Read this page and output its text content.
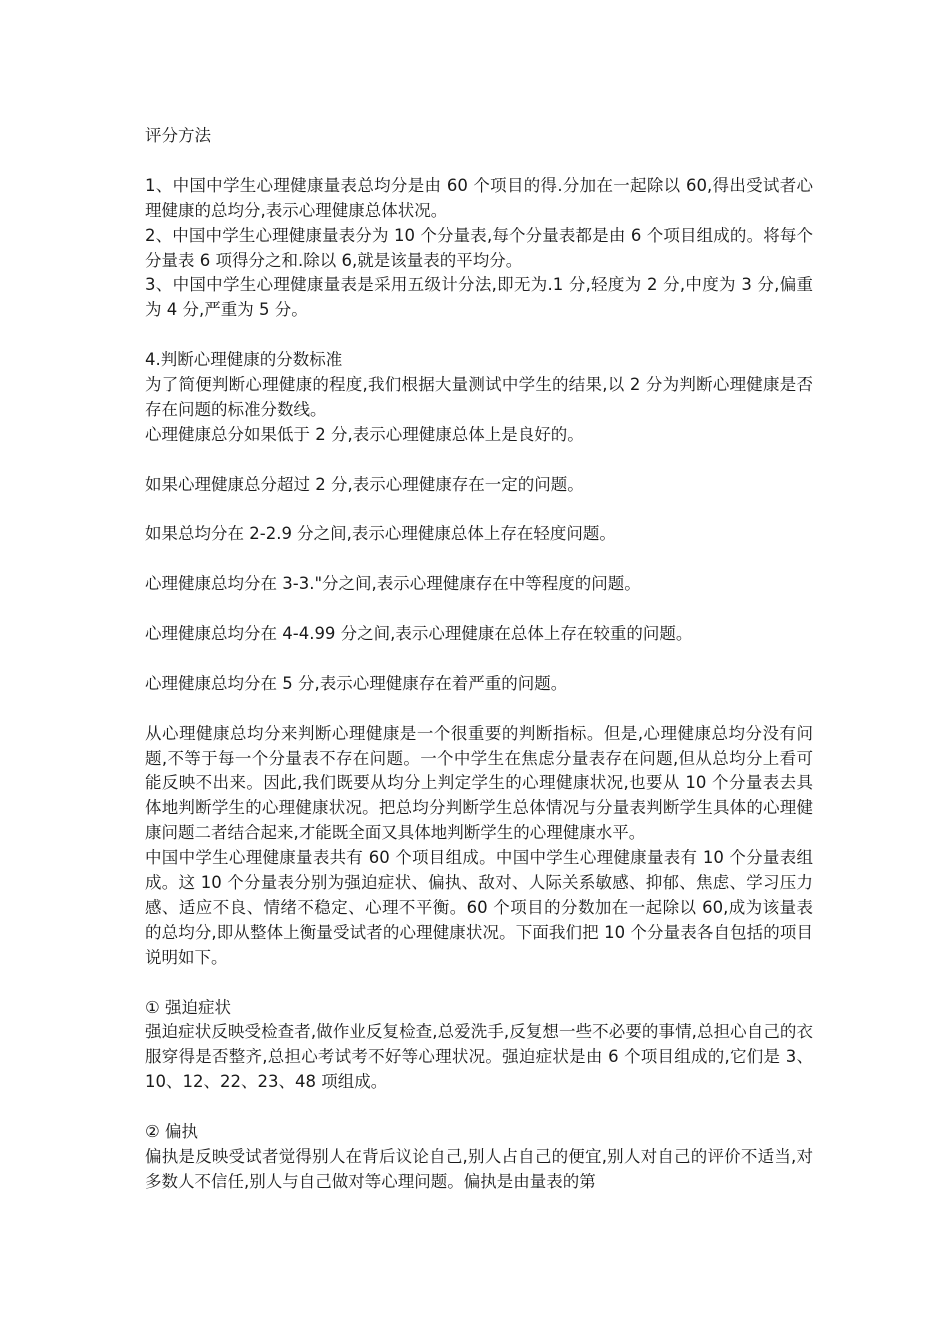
评分方法

1、中国中学生心理健康量表总均分是由 60 个项目的得.分加在一起除以 60,得出受试者心理健康的总均分,表示心理健康总体状况。

2、中国中学生心理健康量表分为 10 个分量表,每个分量表都是由 6 个项目组成的。将每个分量表 6 项得分之和.除以 6,就是该量表的平均分。

3、中国中学生心理健康量表是采用五级计分法,即无为.1 分,轻度为 2 分,中度为 3 分,偏重为 4 分,严重为 5 分。

4.判断心理健康的分数标准

为了简便判断心理健康的程度,我们根据大量测试中学生的结果,以 2 分为判断心理健康是否存在问题的标准分数线。

心理健康总分如果低于 2 分,表示心理健康总体上是良好的。

如果心理健康总分超过 2 分,表示心理健康存在一定的问题。

如果总均分在 2-2.9 分之间,表示心理健康总体上存在轻度问题。

心理健康总均分在 3-3."分之间,表示心理健康存在中等程度的问题。

心理健康总均分在 4-4.99 分之间,表示心理健康在总体上存在较重的问题。

心理健康总均分在 5 分,表示心理健康存在着严重的问题。

从心理健康总均分来判断心理健康是一个很重要的判断指标。但是,心理健康总均分没有问题,不等于每一个分量表不存在问题。一个中学生在焦虑分量表存在问题,但从总均分上看可能反映不出来。因此,我们既要从均分上判定学生的心理健康状况,也要从 10 个分量表去具体地判断学生的心理健康状况。把总均分判断学生总体情况与分量表判断学生具体的心理健康问题二者结合起来,才能既全面又具体地判断学生的心理健康水平。

中国中学生心理健康量表共有 60 个项目组成。中国中学生心理健康量表有 10 个分量表组成。这 10 个分量表分别为强迫症状、偏执、敌对、人际关系敏感、抑郁、焦虑、学习压力感、适应不良、情绪不稳定、心理不平衡。60 个项目的分数加在一起除以 60,成为该量表的总均分,即从整体上衡量受试者的心理健康状况。下面我们把 10 个分量表各自包括的项目说明如下。

① 强迫症状

强迫症状反映受检查者,做作业反复检查,总爱洗手,反复想一些不必要的事情,总担心自己的衣服穿得是否整齐,总担心考试考不好等心理状况。强迫症状是由 6 个项目组成的,它们是 3、10、12、22、23、48 项组成。

② 偏执

偏执是反映受试者觉得别人在背后议论自己,别人占自己的便宜,别人对自己的评价不适当,对多数人不信任,别人与自己做对等心理问题。偏执是由量表的第
